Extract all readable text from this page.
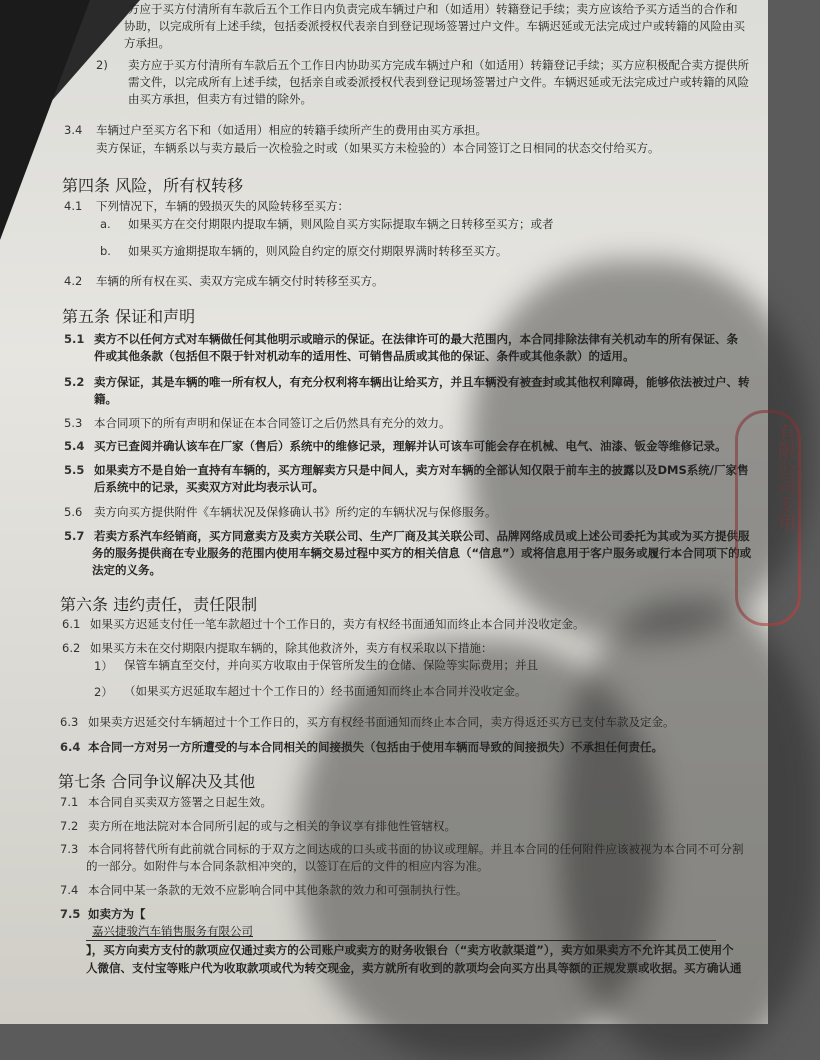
方应于买方付清所有车款后五个工作日内负责完成车辆过户和（如适用）转籍登记手续；卖方应该给予买方适当的合作和
协助，以完成所有上述手续，包括委派授权代表亲自到登记现场签署过户文件。车辆迟延或无法完成过户或转籍的风险由买
方承担。
2) 卖方应于买方付清所有车款后五个工作日内协助买方完成车辆过户和（如适用）转籍登记手续；买方应积极配合卖方提供所
需文件，以完成所有上述手续，包括亲自或委派授权代表到登记现场签署过户文件。车辆迟延或无法完成过户或转籍的风险
由买方承担，但卖方有过错的除外。
3.4 车辆过户至买方名下和（如适用）相应的转籍手续所产生的费用由买方承担。
卖方保证，车辆系以与卖方最后一次检验之时或（如果买方未检验的）本合同签订之日相同的状态交付给买方。
第四条 风险，所有权转移
4.1 下列情况下，车辆的毁损灭失的风险转移至买方：
a. 如果买方在交付期限内提取车辆，则风险自买方实际提取车辆之日转移至买方；或者
b. 如果买方逾期提取车辆的，则风险自约定的原交付期限界满时转移至买方。
4.2 车辆的所有权在买、卖双方完成车辆交付时转移至买方。
第五条 保证和声明
5.1 卖方不以任何方式对车辆做任何其他明示或暗示的保证。在法律许可的最大范围内，本合同排除法律有关机动车的所有保证、条
件或其他条款（包括但不限于针对机动车的适用性、可销售品质或其他的保证、条件或其他条款）的适用。
5.2 卖方保证，其是车辆的唯一所有权人，有充分权利将车辆出让给买方，并且车辆没有被查封或其他权利障碍，能够依法被过户、转
籍。
5.3 本合同项下的所有声明和保证在本合同签订之后仍然具有充分的效力。
5.4 买方已查阅并确认该车在厂家（售后）系统中的维修记录，理解并认可该车可能会存在机械、电气、油漆、钣金等维修记录。
5.5 如果卖方不是自始一直持有车辆的，买方理解卖方只是中间人，卖方对车辆的全部认知仅限于前车主的披露以及DMS系统/厂家售
后系统中的记录，买卖双方对此均表示认可。
5.6 卖方向买方提供附件《车辆状况及保修确认书》所约定的车辆状况与保修服务。
5.7 若卖方系汽车经销商，买方同意卖方及卖方关联公司、生产厂商及其关联公司、品牌网络成员或上述公司委托为其或为买方提供服
务的服务提供商在专业服务的范围内使用车辆交易过程中买方的相关信息（“信息”）或将信息用于客户服务或履行本合同项下的或
法定的义务。
第六条 违约责任，责任限制
6.1 如果买方迟延支付任一笔车款超过十个工作日的，卖方有权经书面通知而终止本合同并没收定金。
6.2 如果买方未在交付期限内提取车辆的，除其他救济外，卖方有权采取以下措施：
1） 保管车辆直至交付，并向买方收取由于保管所发生的仓储、保险等实际费用；并且
2） （如果买方迟延取车超过十个工作日的）经书面通知而终止本合同并没收定金。
6.3 如果卖方迟延交付车辆超过十个工作日的，买方有权经书面通知而终止本合同，卖方得返还买方已支付车款及定金。
6.4 本合同一方对另一方所遭受的与本合同相关的间接损失（包括由于使用车辆而导致的间接损失）不承担任何责任。
第七条 合同争议解决及其他
7.1 本合同自买卖双方签署之日起生效。
7.2 卖方所在地法院对本合同所引起的或与之相关的争议享有排他性管辖权。
7.3 本合同将替代所有此前就合同标的于双方之间达成的口头或书面的协议或理解。并且本合同的任何附件应该被视为本合同不可分割
的一部分。如附件与本合同条款相冲突的，以签订在后的文件的相应内容为准。
7.4 本合同中某一条款的无效不应影响合同中其他条款的效力和可强制执行性。
7.5 如卖方为【
嘉兴捷骏汽车销售服务有限公司
】，买方向卖方支付的款项应仅通过卖方的公司账户或卖方的财务收银台（“卖方收款渠道”），卖方如果卖方不允许其员工使用个
人微信、支付宝等账户代为收取款项或代为转交现金，卖方就所有收到的款项均会向买方出具等额的正规发票或收据。买方确认通
有限公司专用
